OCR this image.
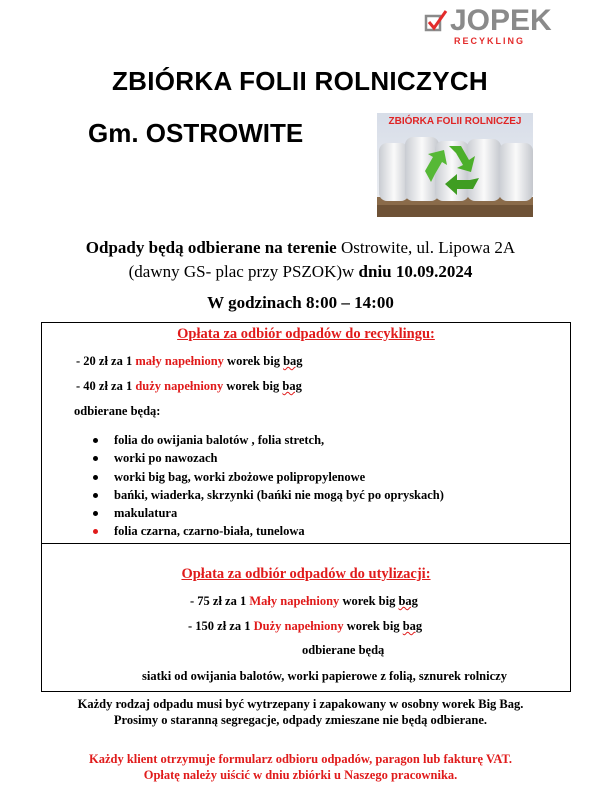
JOPEK
RECYKLING
ZBIÓRKA FOLII ROLNICZYCH
Gm. OSTROWITE	ZBIÓRKA FOLII ROLNICZEJ
Odpady będą odbierane na terenie Ostrowite, ul. Lipowa 2A
(dawny GS- plac przy PSZOK)w dniu 10.09.2024
W godzinach 8:00 – 14:00
Opłata za odbiór odpadów do recyklingu:
- 20 zł za 1 mały napełniony worek big bag
- 40 zł za 1 duży napełniony worek big bag
odbierane będą:
folia do owijania balotów , folia stretch,
worki po nawozach
worki big bag, worki zbożowe polipropylenowe
bańki, wiaderka, skrzynki (bańki nie mogą być po opryskach)
makulatura
folia czarna, czarno-biała, tunelowa
Opłata za odbiór odpadów do utylizacji:
- 75 zł za 1 Mały napełniony worek big bag
- 150 zł za 1 Duży napełniony worek big bag
odbierane będą
siatki od owijania balotów, worki papierowe z folią, sznurek rolniczy
Każdy rodzaj odpadu musi być wytrzepany i zapakowany w osobny worek Big Bag.
Prosimy o staranną segregacje, odpady zmieszane nie będą odbierane.
Każdy klient otrzymuje formularz odbioru odpadów, paragon lub fakturę VAT.
Opłatę należy uiścić w dniu zbiórki u Naszego pracownika.
